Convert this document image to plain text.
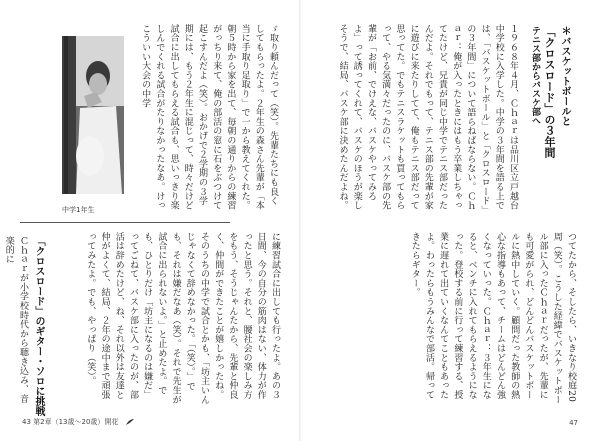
ゞ取り頼んだって（笑）。先輩たちにも良くしてもらったよ。２年生の森さん先輩が「本当に手取り足取り」で一から教えてくれた。朝５時から家を出て、毎朝の通りからの練習がっちり来て、俺の部活の窓に石をぶつけて起こすんだよ（笑）。おかげで２学期の３学期には、もう２年生に混じって、時々だけど試合に出してもらえる試合も、思いっきり楽しんでくれる試合がたりなかったなあ。けっこういい大会の中学

中学1年生

に練習試合に出しても行ったよ。あの３日間、今の自分の筋肉はない、体力が作ったと思う。それと、腰社会の楽しみ方をもう、そうじゃんたから、先輩と仲良く、仲間ができたことが嬉しかったね。そのうちの中学で試合とかも、「坊主いんじゃなくて辞めなかった。「（笑）。」でも、それは嫌だなあ（笑）。それで先生が試合に出られないよ。」と止めたよ。でも、ひとりだけ「坊主になるのは嫌だ」ってごねて、バスケ部に入ったのが、部活は辞めたけど、ね、それ以外は友達と仲がよくて、結局、２年の途中まで頑張ってみたよ。でも、やっぱり（笑）。

「クロスロード」のギター・ソロに挑戦

Ｃｈａｒが小学校時代から聴き込み、音楽的に

43 第2章（13歳〜20歳）開花
＊バスケットボールと
「クロスロード」の３年間
テニス部からバスケ部へ

１９６８年４月、Ｃｈａｒは品川区立戸越台中学校に入学した。中学の３年間を語る上では、「バスケットボール」と「クロスロード」の３年間」について語らねばならない。Ｃｈａｒ：俺が入ったときにはもう卒業しちゃってたけど、兄貴が同じ中学でテニス部だったんだよ。それでもって、テニス部の先輩が家に遊びに来たりしてて、俺もテニス部だって思ってた。でもテニスラケットも買ってもらって、やる気満々だったのに、バスケ部の先輩が「お前、でけえな、バスケやってみろよ」って誘ってくれて、バスケのほうが楽しそうで、結局、バスケ部に決めたんだよね。

つてたから、そしたら、いきなり校庭20周（笑）。こうした経緯でバスケットボール部に入ったＣｈａｒだったが、先輩にも可愛がられ、どんどんバスケットボールに熱中していく。顧問だった教師の熱心な指導もあって、チームはどんどん強くなっていった。Ｃｈａｒ：３年生になると、ベンチに入れてもらえるようになった。登校する前に行って練習する、授業に遅れて出ていくなんてこともあったよ。わったらもうみんなで部活。帰ってきたらギター。

47
